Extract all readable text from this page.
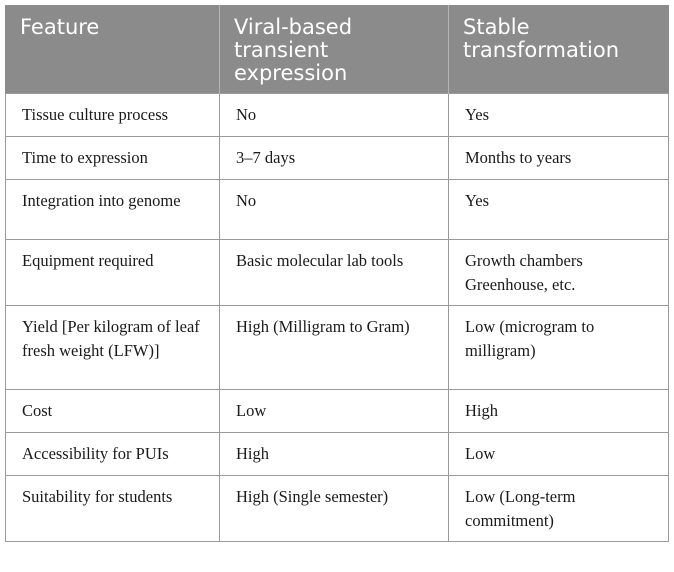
Feature	Viral-based transient expression	Stable transformation
Tissue culture process	No	Yes
Time to expression	3–7 days	Months to years
Integration into genome	No	Yes
Equipment required	Basic molecular lab tools	Growth chambers Greenhouse, etc.
Yield [Per kilogram of leaf fresh weight (LFW)]	High (Milligram to Gram)	Low (microgram to milligram)
Cost	Low	High
Accessibility for PUIs	High	Low
Suitability for students	High (Single semester)	Low (Long-term commitment)
